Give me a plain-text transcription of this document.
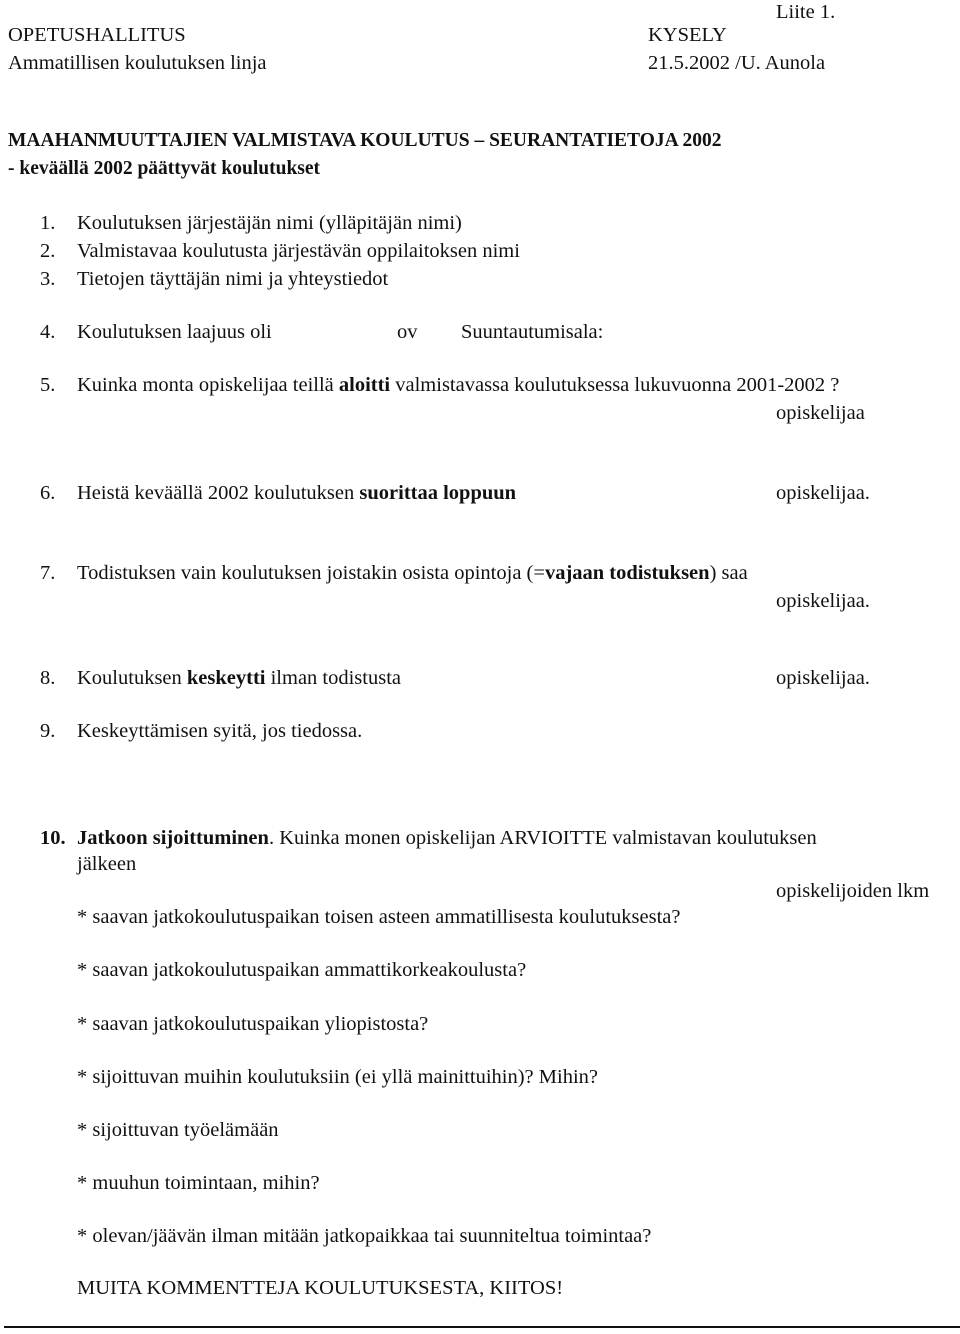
Liite 1.
OPETUSHALLITUS	KYSELY
Ammatillisen koulutuksen linja	21.5.2002 /U. Aunola
MAAHANMUUTTAJIEN VALMISTAVA KOULUTUS – SEURANTATIETOJA 2002
- keväällä 2002 päättyvät koulutukset
1. Koulutuksen järjestäjän nimi (ylläpitäjän nimi)
2. Valmistavaa koulutusta järjestävän oppilaitoksen nimi
3. Tietojen täyttäjän nimi ja yhteystiedot
4. Koulutuksen laajuus oli	ov Suuntautumisala:
5. Kuinka monta opiskelijaa teillä aloitti valmistavassa koulutuksessa lukuvuonna 2001-2002 ?
opiskelijaa
6. Heistä keväällä 2002 koulutuksen suorittaa loppuun	opiskelijaa.
7. Todistuksen vain koulutuksen joistakin osista opintoja (=vajaan todistuksen) saa
opiskelijaa.
8. Koulutuksen keskeytti ilman todistusta	opiskelijaa.
9. Keskeyttämisen syitä, jos tiedossa.
10. Jatkoon sijoittuminen. Kuinka monen opiskelijan ARVIOITTE valmistavan koulutuksen
jälkeen
opiskelijoiden lkm
* saavan jatkokoulutuspaikan toisen asteen ammatillisesta koulutuksesta?
* saavan jatkokoulutuspaikan ammattikorkeakoulusta?
* saavan jatkokoulutuspaikan yliopistosta?
* sijoittuvan muihin koulutuksiin (ei yllä mainittuihin)? Mihin?
* sijoittuvan työelämään
* muuhun toimintaan, mihin?
* olevan/jäävän ilman mitään jatkopaikkaa tai suunniteltua toimintaa?
MUITA KOMMENTTEJA KOULUTUKSESTA, KIITOS!
